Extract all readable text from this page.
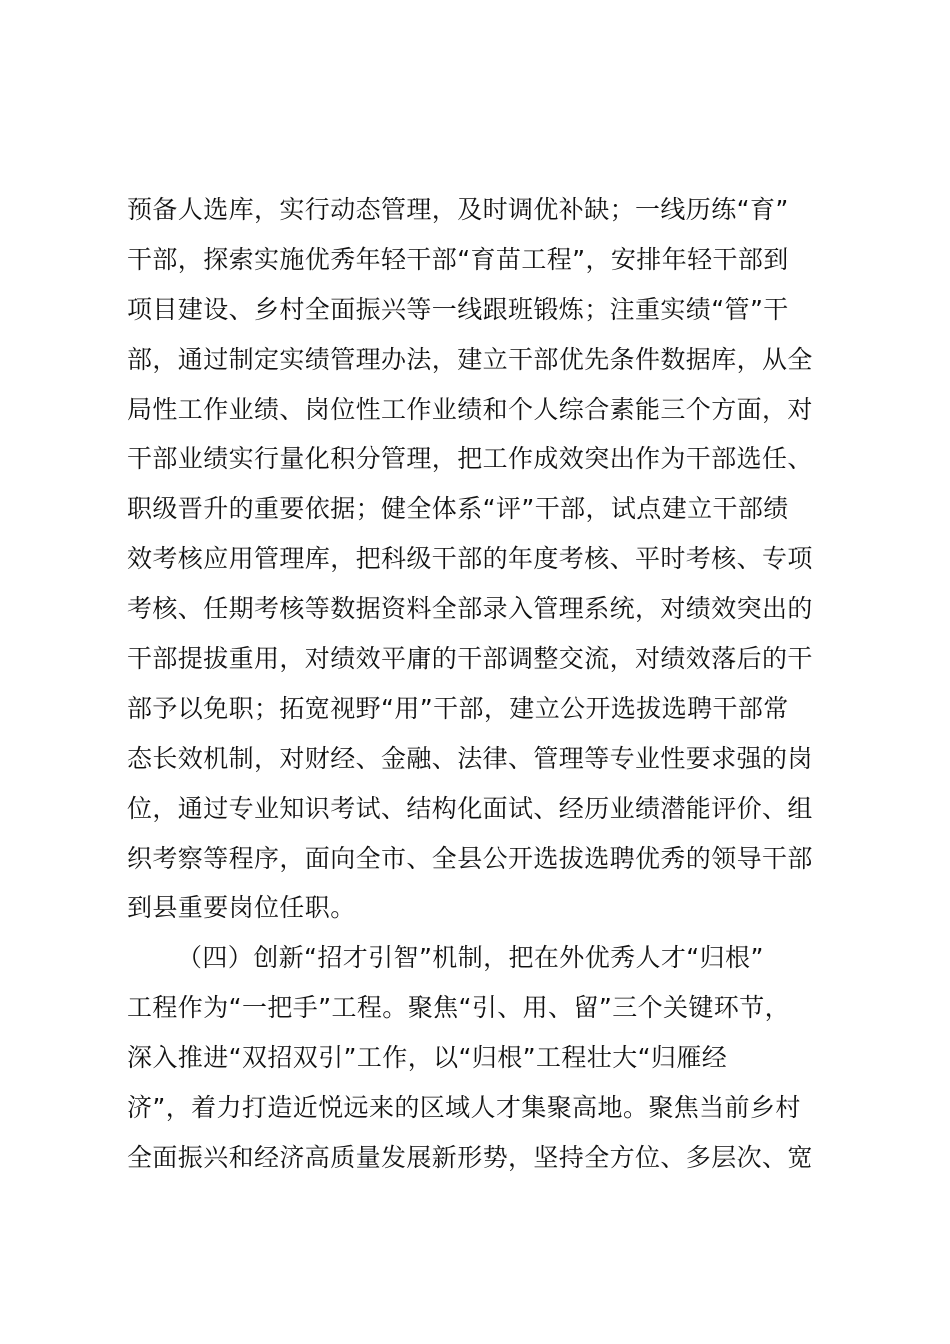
预备人选库，实行动态管理，及时调优补缺；一线历练“育”
干部，探索实施优秀年轻干部“育苗工程”，安排年轻干部到
项目建设、乡村全面振兴等一线跟班锻炼；注重实绩“管”干
部，通过制定实绩管理办法，建立干部优先条件数据库，从全
局性工作业绩、岗位性工作业绩和个人综合素能三个方面，对
干部业绩实行量化积分管理，把工作成效突出作为干部选任、
职级晋升的重要依据；健全体系“评”干部，试点建立干部绩
效考核应用管理库，把科级干部的年度考核、平时考核、专项
考核、任期考核等数据资料全部录入管理系统，对绩效突出的
干部提拔重用，对绩效平庸的干部调整交流，对绩效落后的干
部予以免职；拓宽视野“用”干部，建立公开选拔选聘干部常
态长效机制，对财经、金融、法律、管理等专业性要求强的岗
位，通过专业知识考试、结构化面试、经历业绩潜能评价、组
织考察等程序，面向全市、全县公开选拔选聘优秀的领导干部
到县重要岗位任职。
（四）创新“招才引智”机制，把在外优秀人才“归根”
工程作为“一把手”工程。聚焦“引、用、留”三个关键环节，
深入推进“双招双引”工作，以“归根”工程壮大“归雁经
济”，着力打造近悦远来的区域人才集聚高地。聚焦当前乡村
全面振兴和经济高质量发展新形势，坚持全方位、多层次、宽
